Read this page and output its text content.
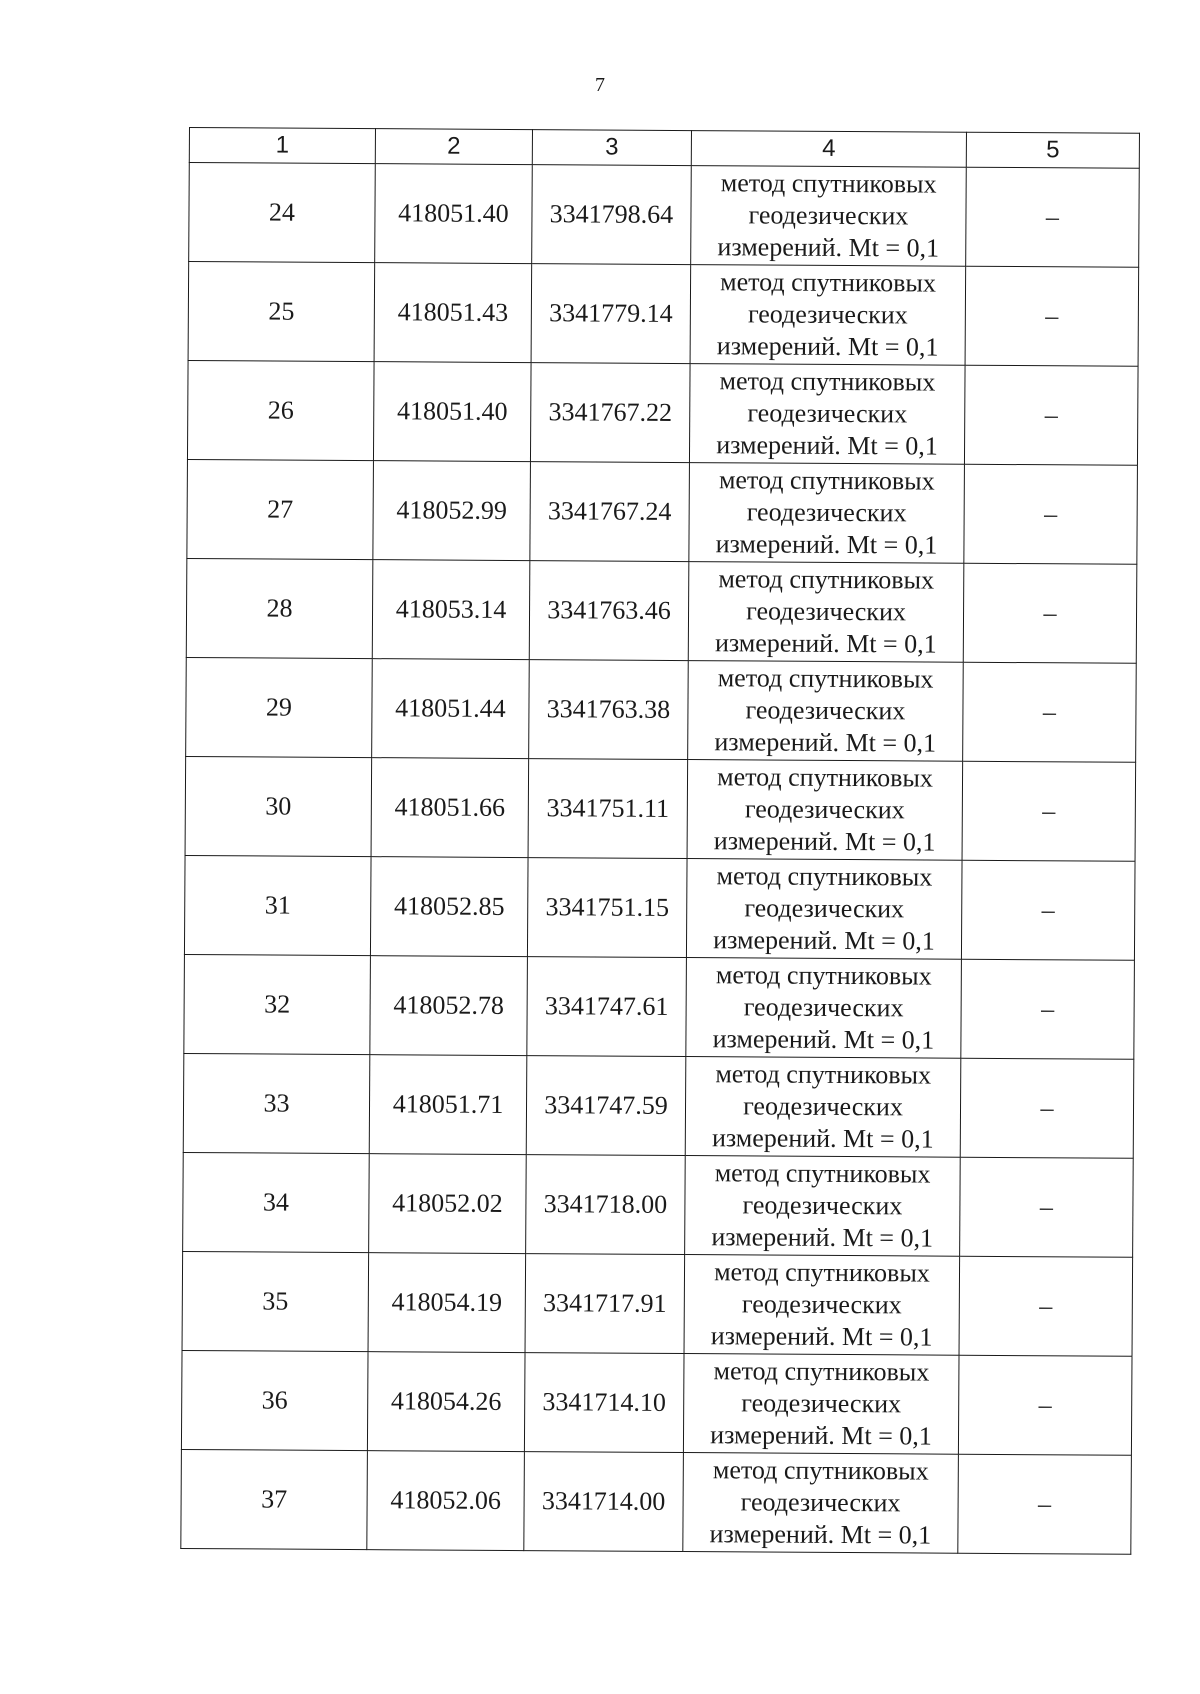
7
1	2	3	4	5
24	418051.40	3341798.64	метод спутниковых
геодезических
измерений. Mt = 0,1	–
25	418051.43	3341779.14	метод спутниковых
геодезических
измерений. Mt = 0,1	–
26	418051.40	3341767.22	метод спутниковых
геодезических
измерений. Mt = 0,1	–
27	418052.99	3341767.24	метод спутниковых
геодезических
измерений. Mt = 0,1	–
28	418053.14	3341763.46	метод спутниковых
геодезических
измерений. Mt = 0,1	–
29	418051.44	3341763.38	метод спутниковых
геодезических
измерений. Mt = 0,1	–
30	418051.66	3341751.11	метод спутниковых
геодезических
измерений. Mt = 0,1	–
31	418052.85	3341751.15	метод спутниковых
геодезических
измерений. Mt = 0,1	–
32	418052.78	3341747.61	метод спутниковых
геодезических
измерений. Mt = 0,1	–
33	418051.71	3341747.59	метод спутниковых
геодезических
измерений. Mt = 0,1	–
34	418052.02	3341718.00	метод спутниковых
геодезических
измерений. Mt = 0,1	–
35	418054.19	3341717.91	метод спутниковых
геодезических
измерений. Mt = 0,1	–
36	418054.26	3341714.10	метод спутниковых
геодезических
измерений. Mt = 0,1	–
37	418052.06	3341714.00	метод спутниковых
геодезических
измерений. Mt = 0,1	–
